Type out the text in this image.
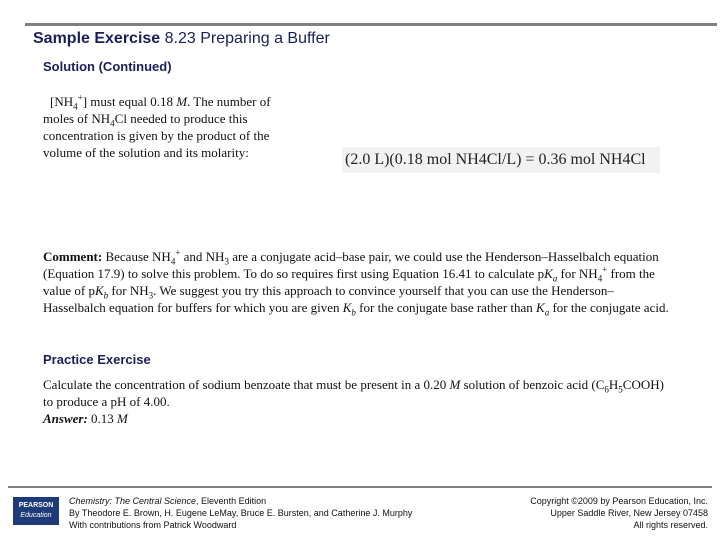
Sample Exercise 8.23 Preparing a Buffer
Solution (Continued)
$[NH_4^+]$ must equal 0.18 M. The number of moles of $NH_4Cl$ needed to produce this concentration is given by the product of the volume of the solution and its molarity:	(2.0 L)(0.18 mol NH4Cl/L) = 0.36 mol NH4Cl
Comment: Because $NH_4^+$ and $NH_3$ are a conjugate acid–base pair, we could use the Henderson–Hasselbalch equation (Equation 17.9) to solve this problem. To do so requires first using Equation 16.41 to calculate $pK_a$ for $NH_4^+$ from the value of $pK_b$ for $NH_3$. We suggest you try this approach to convince yourself that you can use the Henderson–Hasselbalch equation for buffers for which you are given $K_b$ for the conjugate base rather than $K_a$ for the conjugate acid.
Practice Exercise
Calculate the concentration of sodium benzoate that must be present in a 0.20 M solution of benzoic acid $(C_6H_5COOH)$ to produce a pH of 4.00.
Answer: 0.13 M
PEARSON
Education
Chemistry: The Central Science, Eleventh Edition
By Theodore E. Brown, H. Eugene LeMay, Bruce E. Bursten, and Catherine J. Murphy
With contributions from Patrick Woodward
Copyright ©2009 by Pearson Education, Inc.
Upper Saddle River, New Jersey 07458
All rights reserved.
